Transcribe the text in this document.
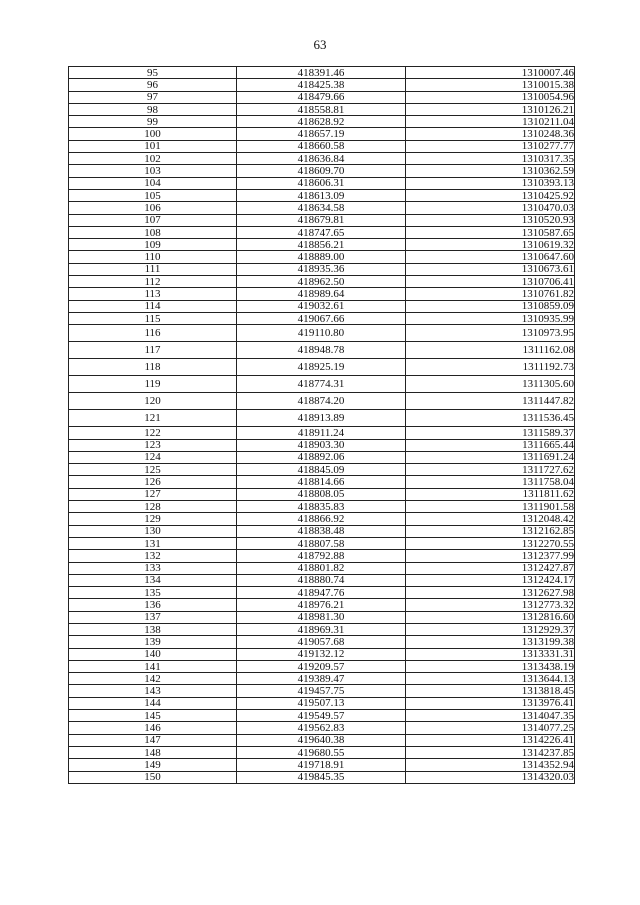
63
95	418391.46	1310007.46
96	418425.38	1310015.38
97	418479.66	1310054.96
98	418558.81	1310126.21
99	418628.92	1310211.04
100	418657.19	1310248.36
101	418660.58	1310277.77
102	418636.84	1310317.35
103	418609.70	1310362.59
104	418606.31	1310393.13
105	418613.09	1310425.92
106	418634.58	1310470.03
107	418679.81	1310520.93
108	418747.65	1310587.65
109	418856.21	1310619.32
110	418889.00	1310647.60
111	418935.36	1310673.61
112	418962.50	1310706.41
113	418989.64	1310761.82
114	419032.61	1310859.09
115	419067.66	1310935.99
116	419110.80	1310973.95
117	418948.78	1311162.08
118	418925.19	1311192.73
119	418774.31	1311305.60
120	418874.20	1311447.82
121	418913.89	1311536.45
122	418911.24	1311589.37
123	418903.30	1311665.44
124	418892.06	1311691.24
125	418845.09	1311727.62
126	418814.66	1311758.04
127	418808.05	1311811.62
128	418835.83	1311901.58
129	418866.92	1312048.42
130	418838.48	1312162.85
131	418807.58	1312270.55
132	418792.88	1312377.99
133	418801.82	1312427.87
134	418880.74	1312424.17
135	418947.76	1312627.98
136	418976.21	1312773.32
137	418981.30	1312816.60
138	418969.31	1312929.37
139	419057.68	1313199.38
140	419132.12	1313331.31
141	419209.57	1313438.19
142	419389.47	1313644.13
143	419457.75	1313818.45
144	419507.13	1313976.41
145	419549.57	1314047.35
146	419562.83	1314077.25
147	419640.38	1314226.41
148	419680.55	1314237.85
149	419718.91	1314352.94
150	419845.35	1314320.03
